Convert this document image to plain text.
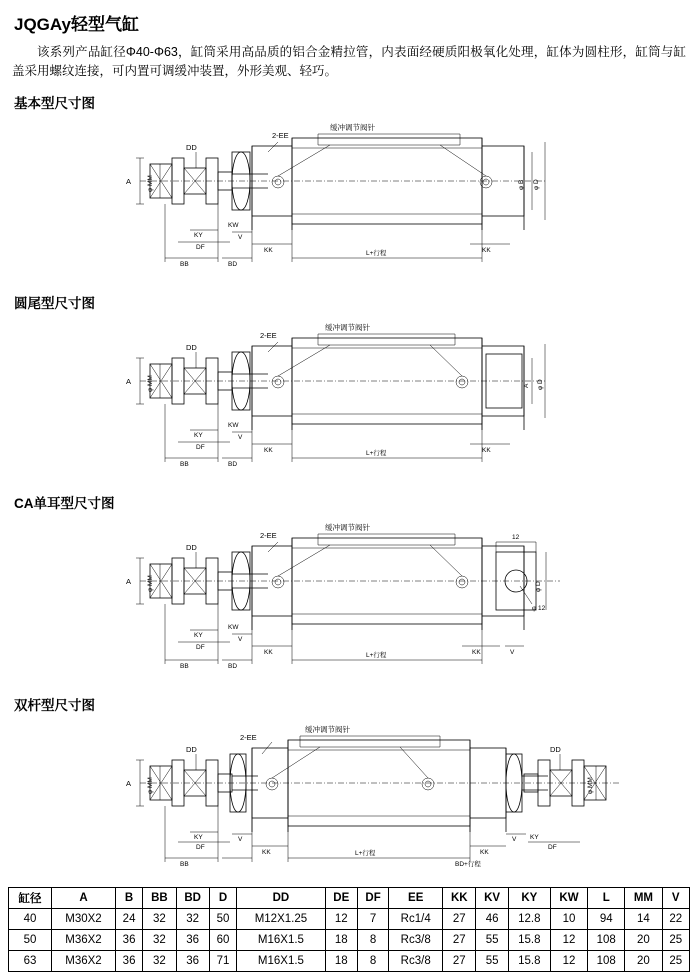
JQGAy轻型气缸

该系列产品缸径Φ40-Φ63，缸筒采用高品质的铝合金精拉管，内表面经硬质阳极氧化处理，缸体为圆柱形，缸筒与缸盖采用螺纹连接，可内置可调缓冲装置，外形美观、轻巧。

基本型尺寸图
DD
2-EE
缓冲调节阀针
A φ MM
KY
DF
V
KW
KK
BB	BD
L+行程	KK
φ B φ D
圆尾型尺寸图
DD
2-EE
缓冲调节阀针
A φ MM
KY
DF
V
KW
KK
BB	BD
L+行程	KK
A φ D
CA单耳型尺寸图
DD
2-EE
缓冲调节阀针
A φ MM
KY
DF
V
KW
KK
BB	BD
L+行程	KK	V
φ D
φ 12
12
双杆型尺寸图
DD	DD
2-EE
缓冲调节阀针
A φ MM	φ MM
KY	KY
DF	DF
V	V
KK	KK
BB	BD+行程
L+行程
缸径	A	B	BB	BD	D	DD	DE	DF	EE	KK	KV	KY	KW	L	MM	V
40	M30X2	24	32	32	50	M12X1.25	12	7	Rc1/4	27	46	12.8	10	94	14	22
50	M36X2	36	32	36	60	M16X1.5	18	8	Rc3/8	27	55	15.8	12	108	20	25
63	M36X2	36	32	36	71	M16X1.5	18	8	Rc3/8	27	55	15.8	12	108	20	25
